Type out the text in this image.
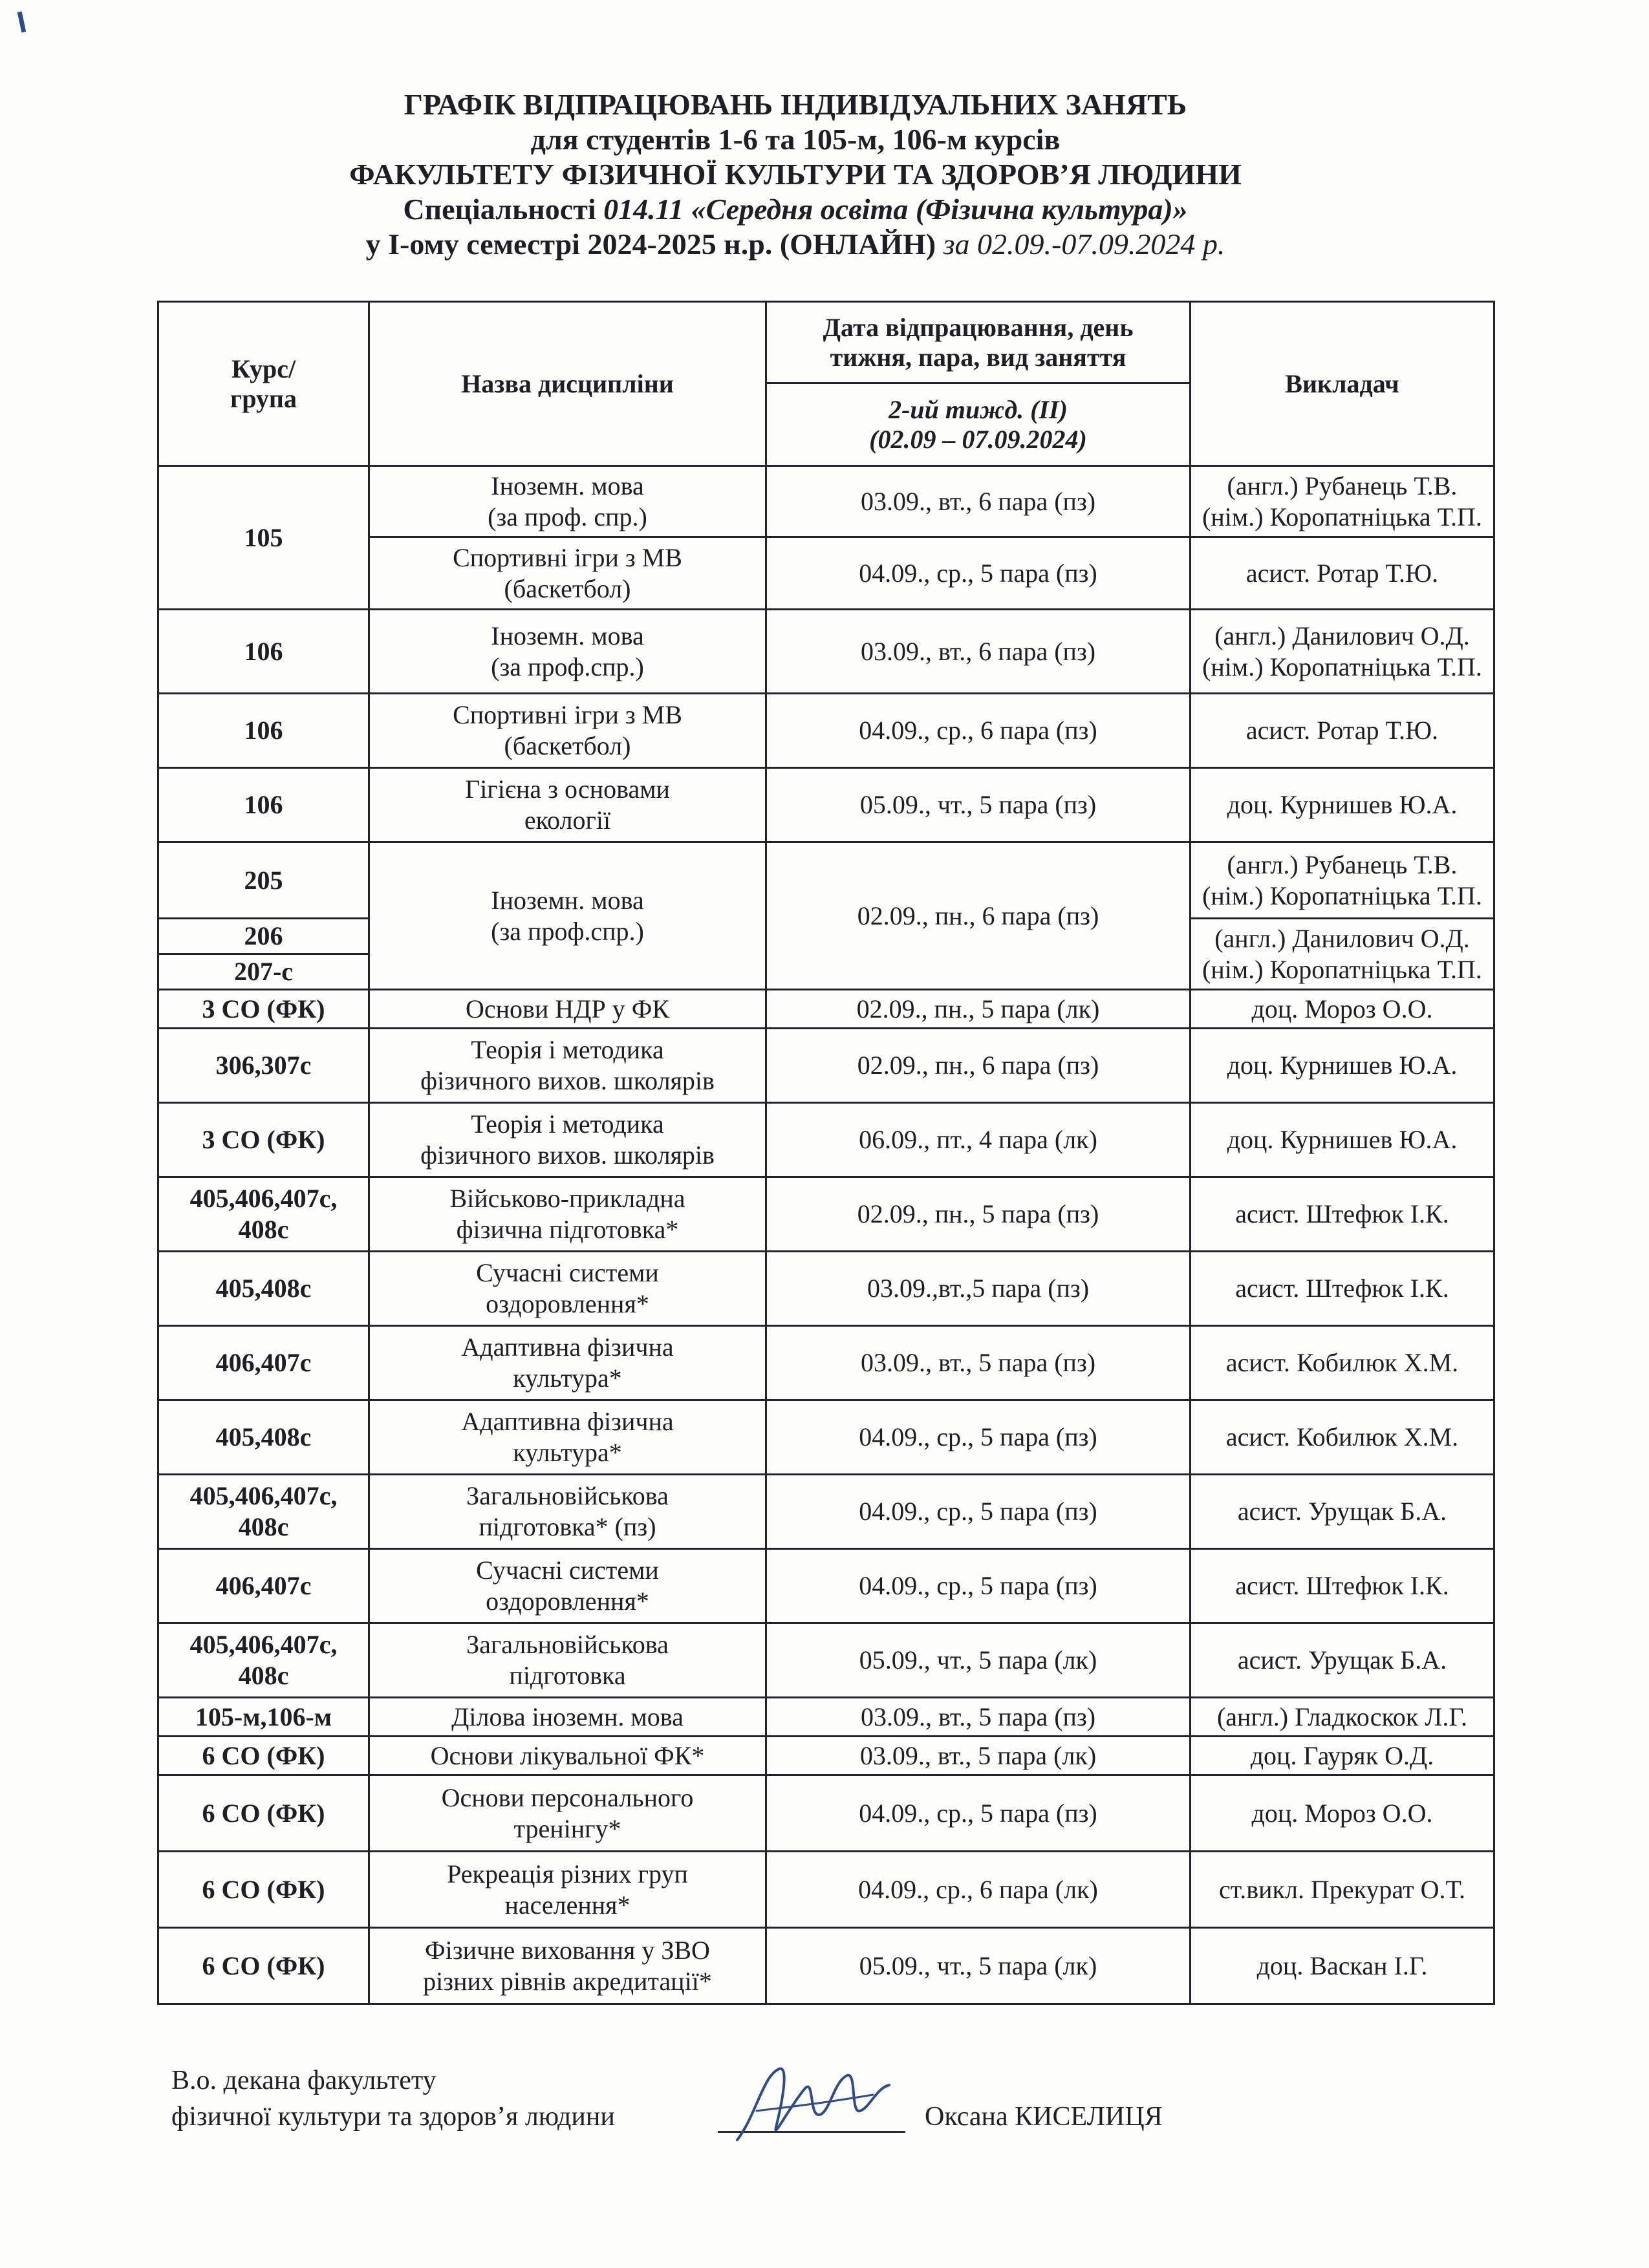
ГРАФІК ВІДПРАЦЮВАНЬ ІНДИВІДУАЛЬНИХ ЗАНЯТЬ
для студентів 1-6 та 105-м, 106-м курсів
ФАКУЛЬТЕТУ ФІЗИЧНОЇ КУЛЬТУРИ ТА ЗДОРОВ’Я ЛЮДИНИ
Спеціальності 014.11 «Середня освіта (Фізична культура)»
у І-ому семестрі 2024-2025 н.р. (ОНЛАЙН) за 02.09.-07.09.2024 р.
Курс/
група	Назва дисципліни	Дата відпрацювання, день
тижня, пара, вид заняття	Викладач

		2-ий тижд. (ІІ)
(02.09 – 07.09.2024)	

105	Іноземн. мова
(за проф. спр.)	03.09., вт., 6 пара (пз)	(англ.) Рубанець Т.В.
(нім.) Коропатніцька Т.П.

	Спортивні ігри з МВ
(баскетбол)	04.09., ср., 5 пара (пз)	асист. Ротар Т.Ю.
106	Іноземн. мова
(за проф.спр.)	03.09., вт., 6 пара (пз)	(англ.) Данилович О.Д.
(нім.) Коропатніцька Т.П.

106	Спортивні ігри з МВ
(баскетбол)	04.09., ср., 6 пара (пз)	асист. Ротар Т.Ю.
106	Гігієна з основами
екології	05.09., чт., 5 пара (пз)	доц. Курнишев Ю.А.
205	Іноземн. мова
(за проф.спр.)	02.09., пн., 6 пара (пз)	(англ.) Рубанець Т.В.
(нім.) Коропатніцька Т.П.

206			(англ.) Данилович О.Д.
(нім.) Коропатніцька Т.П.

207-с			
3 СО (ФК)	Основи НДР у ФК	02.09., пн., 5 пара (лк)	доц. Мороз О.О.
306,307с	Теорія і методика
фізичного вихов. школярів	02.09., пн., 6 пара (пз)	доц. Курнишев Ю.А.
3 СО (ФК)	Теорія і методика
фізичного вихов. школярів	06.09., пт., 4 пара (лк)	доц. Курнишев Ю.А.

405,406,407с,
408с	Військово-прикладна
фізична підготовка*	02.09., пн., 5 пара (пз)	асист. Штефюк І.К.
405,408с	Сучасні системи
оздоровлення*	03.09.,вт.,5 пара (пз)	асист. Штефюк І.К.
406,407с	Адаптивна фізична
культура*	03.09., вт., 5 пара (пз)	асист. Кобилюк Х.М.
405,408с	Адаптивна фізична
культура*	04.09., ср., 5 пара (пз)	асист. Кобилюк Х.М.

405,406,407с,
408с	Загальновійськова
підготовка* (пз)	04.09., ср., 5 пара (пз)	асист. Урущак Б.А.
406,407с	Сучасні системи
оздоровлення*	04.09., ср., 5 пара (пз)	асист. Штефюк І.К.

405,406,407с,
408с	Загальновійськова
підготовка	05.09., чт., 5 пара (лк)	асист. Урущак Б.А.
105-м,106-м	Ділова іноземн. мова	03.09., вт., 5 пара (пз)	(англ.) Гладкоскок Л.Г.
6 СО (ФК)	Основи лікувальної ФК*	03.09., вт., 5 пара (лк)	доц. Гауряк О.Д.
6 СО (ФК)	Основи персонального
тренінгу*	04.09., ср., 5 пара (пз)	доц. Мороз О.О.
6 СО (ФК)	Рекреація різних груп
населення*	04.09., ср., 6 пара (лк)	ст.викл. Прекурат О.Т.
6 СО (ФК)	Фізичне виховання у ЗВО
різних рівнів акредитації*	05.09., чт., 5 пара (лк)	доц. Васкан І.Г.
В.о. декана факультету
фізичної культури та здоров’я людини	Оксана КИСЕЛИЦЯ
